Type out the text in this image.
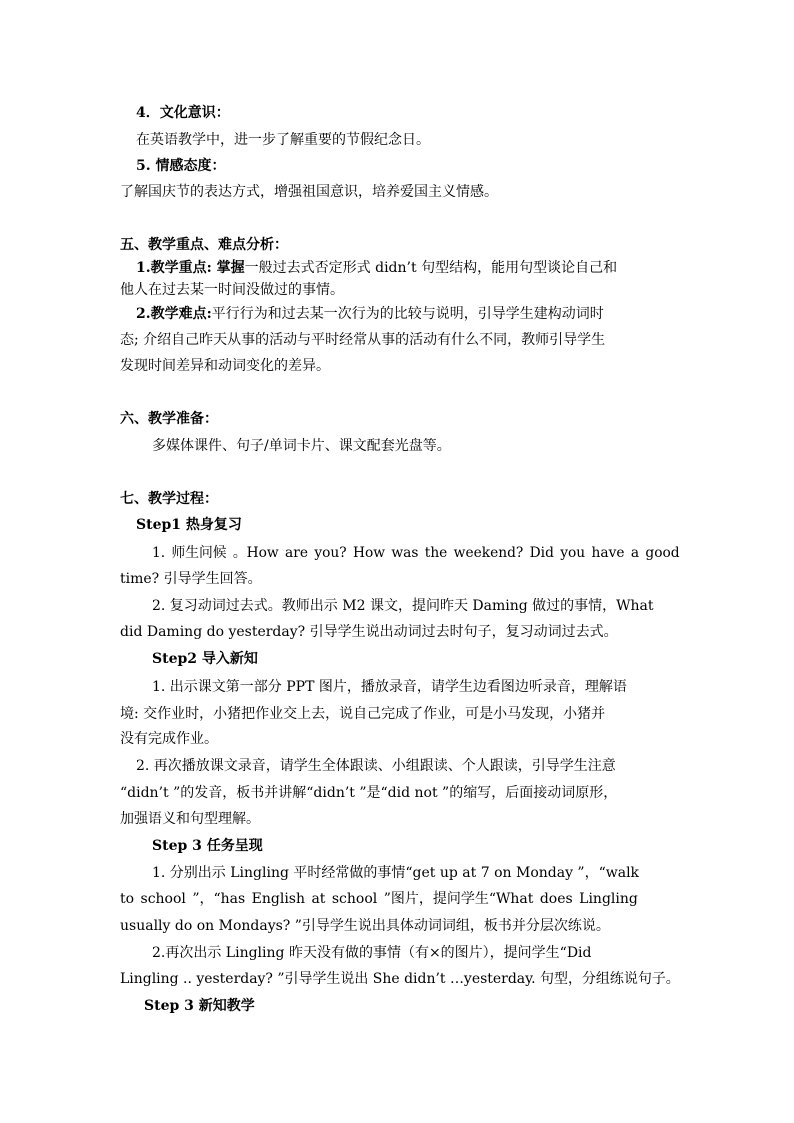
4．文化意识：
在英语教学中，进一步了解重要的节假纪念日。
5. 情感态度：
了解国庆节的表达方式，增强祖国意识，培养爱国主义情感。
五、教学重点、难点分析：
1.教学重点: 掌握一般过去式否定形式 didn’t 句型结构，能用句型谈论自己和
他人在过去某一时间没做过的事情。
2.教学难点:平行行为和过去某一次行为的比较与说明，引导学生建构动词时
态; 介绍自己昨天从事的活动与平时经常从事的活动有什么不同，教师引导学生
发现时间差异和动词变化的差异。
六、教学准备：
多媒体课件、句子/单词卡片、课文配套光盘等。
七、教学过程：
Step1 热身复习
1. 师生问候 。How are you? How was the weekend? Did you have a good
time? 引导学生回答。
2. 复习动词过去式。教师出示 M2 课文，提问昨天 Daming 做过的事情，What
did Daming do yesterday? 引导学生说出动词过去时句子，复习动词过去式。
Step2 导入新知
1. 出示课文第一部分 PPT 图片，播放录音，请学生边看图边听录音，理解语
境: 交作业时，小猪把作业交上去，说自己完成了作业，可是小马发现，小猪并
没有完成作业。
2. 再次播放课文录音，请学生全体跟读、小组跟读、个人跟读，引导学生注意
“didn’t ”的发音，板书并讲解“didn’t ”是“did not ”的缩写，后面接动词原形，
加强语义和句型理解。
Step 3 任务呈现
1. 分别出示 Lingling 平时经常做的事情“get up at 7 on Monday ”，“walk
to school ”，“has English at school ”图片，提问学生“What does Lingling
usually do on Mondays? ”引导学生说出具体动词词组，板书并分层次练说。
2.再次出示 Lingling 昨天没有做的事情（有×的图片），提问学生“Did
Lingling .. yesterday? ”引导学生说出 She didn’t …yesterday. 句型，分组练说句子。
Step 3 新知教学
